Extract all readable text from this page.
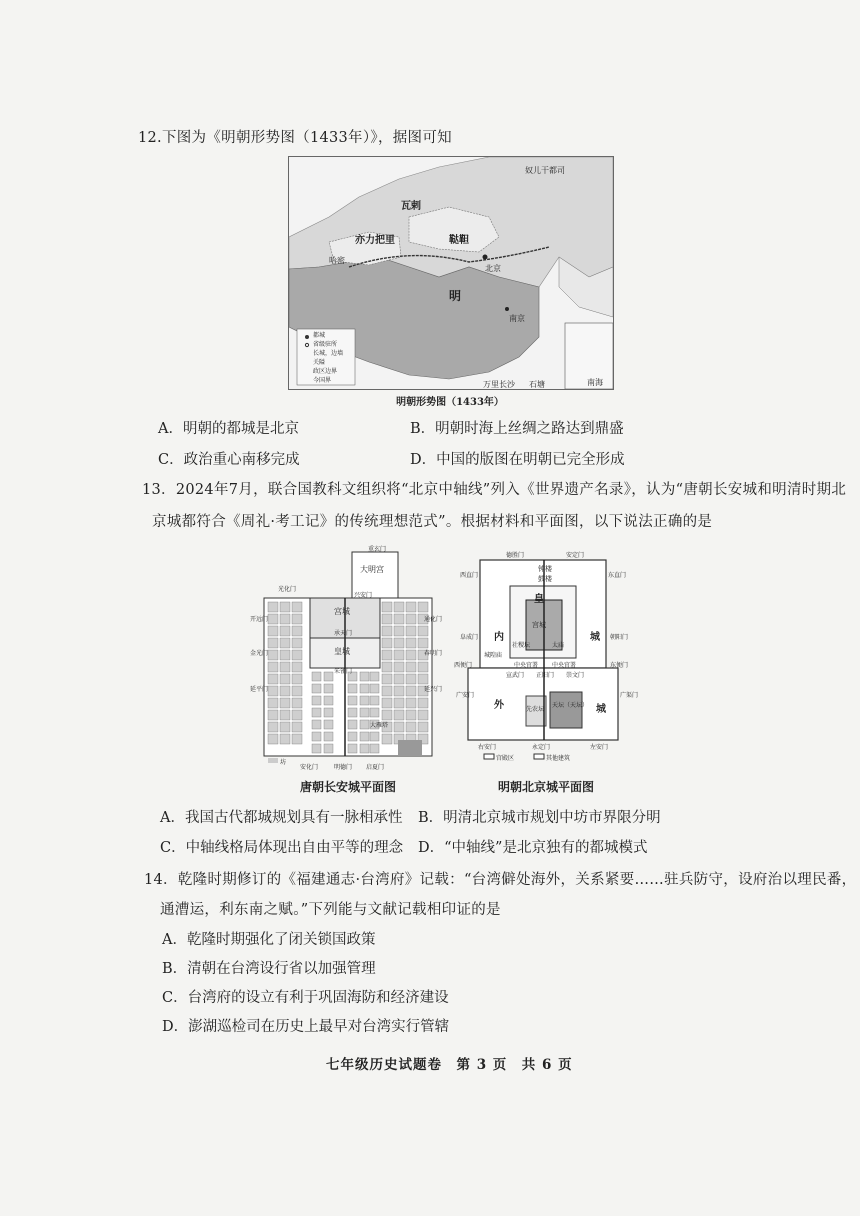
12.下图为《明朝形势图（1433年）》，据图可知
瓦剌
亦力把里	鞑靼
明
奴儿干都司
北京
哈密
南京
南海
万里长沙 石塘
都城
省级驻所
长城，边墙
关隘
政区边界
今国界
明朝形势图（1433年）
A．明朝的都城是北京	B．明朝时海上丝绸之路达到鼎盛
C．政治重心南移完成	D．中国的版图在明朝已完全形成
13．2024年7月，联合国教科文组织将“北京中轴线”列入《世界遗产名录》，认为“唐朝长安城和明清时期北
京城都符合《周礼·考工记》的传统理想范式”。根据材料和平面图，以下说法正确的是
宫城
皇城
大明宫
承天门
朱雀门
明德门
大雁塔
开远门
金光门
延平门
通化门
春明门
延兴门
安化门	启夏门
光化门
重玄门
兴安门
坊
唐朝长安城平面图
内	城
外	城
宫城
皇
钟楼
鼓楼
天坛（天坛）
先农坛
永定门
正阳门 崇文门
宣武门
朝阳门
东直门
西直门
阜成门
德胜门	安定门
广渠门
广安门
右安门	左安门
东便门
西便门
太庙
社稷坛
中央官署 中央官署
城隍庙
宫殿区	其他建筑
明朝北京城平面图
A．我国古代都城规划具有一脉相承性 B．明清北京城市规划中坊市界限分明
C．中轴线格局体现出自由平等的理念 D．“中轴线”是北京独有的都城模式
14．乾隆时期修订的《福建通志·台湾府》记载：“台湾僻处海外，关系紧要……驻兵防守，设府治以理民番，
通漕运，利东南之赋。”下列能与文献记载相印证的是
A．乾隆时期强化了闭关锁国政策
B．清朝在台湾设行省以加强管理
C．台湾府的设立有利于巩固海防和经济建设
D．澎湖巡检司在历史上最早对台湾实行管辖
七年级历史试题卷　第 3 页　共 6 页
